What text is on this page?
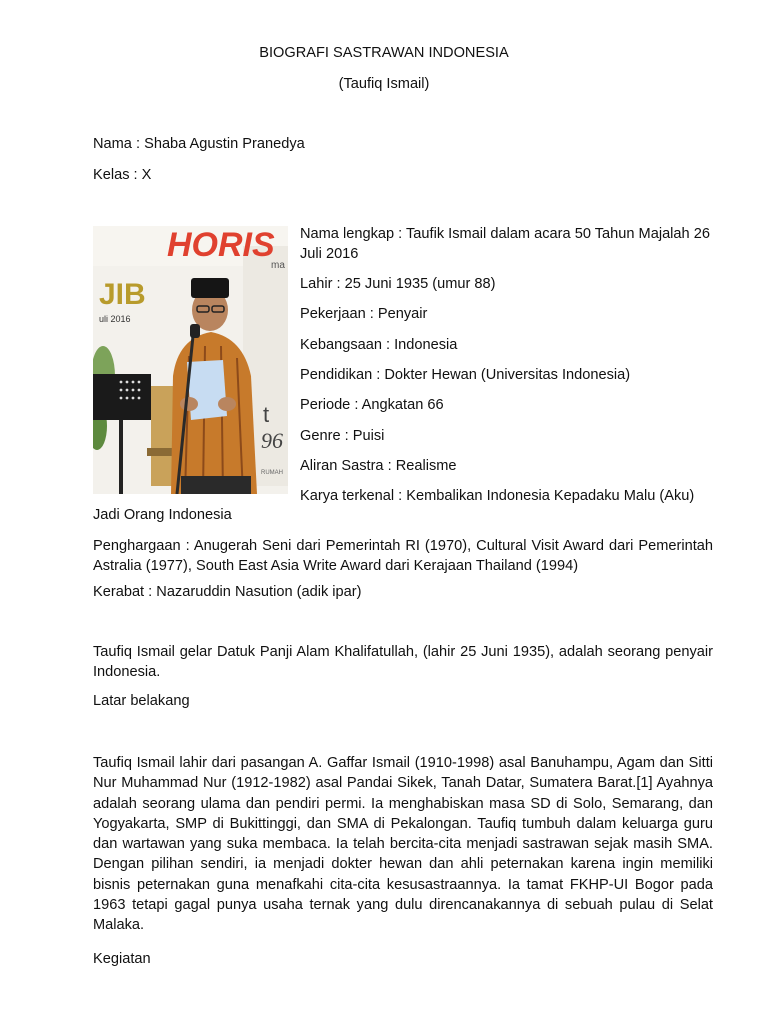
BIOGRAFI SASTRAWAN INDONESIA
(Taufiq Ismail)
Nama : Shaba Agustin Pranedya
Kelas : X
HORIS
ma
JIB
uli 2016
t
96
RUMAH
Nama lengkap : Taufik Ismail dalam acara 50 Tahun Majalah 26 Juli 2016
Lahir : 25 Juni 1935 (umur 88)
Pekerjaan : Penyair
Kebangsaan : Indonesia
Pendidikan : Dokter Hewan (Universitas Indonesia)
Periode : Angkatan 66
Genre : Puisi
Aliran Sastra : Realisme
Karya terkenal : Kembalikan Indonesia Kepadaku Malu (Aku)
Jadi Orang Indonesia
Penghargaan : Anugerah Seni dari Pemerintah RI (1970), Cultural Visit Award dari Pemerintah Astralia (1977), South East Asia Write Award dari Kerajaan Thailand (1994)
Kerabat : Nazaruddin Nasution (adik ipar)
Taufiq Ismail gelar Datuk Panji Alam Khalifatullah, (lahir 25 Juni 1935), adalah seorang penyair Indonesia.
Latar belakang
Taufiq Ismail lahir dari pasangan A. Gaffar Ismail (1910-1998) asal Banuhampu, Agam dan Sitti Nur Muhammad Nur (1912-1982) asal Pandai Sikek, Tanah Datar, Sumatera Barat.[1] Ayahnya adalah seorang ulama dan pendiri permi. Ia menghabiskan masa SD di Solo, Semarang, dan Yogyakarta, SMP di Bukittinggi, dan SMA di Pekalongan. Taufiq tumbuh dalam keluarga guru dan wartawan yang suka membaca. Ia telah bercita-cita menjadi sastrawan sejak masih SMA. Dengan pilihan sendiri, ia menjadi dokter hewan dan ahli peternakan karena ingin memiliki bisnis peternakan guna menafkahi cita-cita kesusastraannya. Ia tamat FKHP-UI Bogor pada 1963 tetapi gagal punya usaha ternak yang dulu direncanakannya di sebuah pulau di Selat Malaka.
Kegiatan
